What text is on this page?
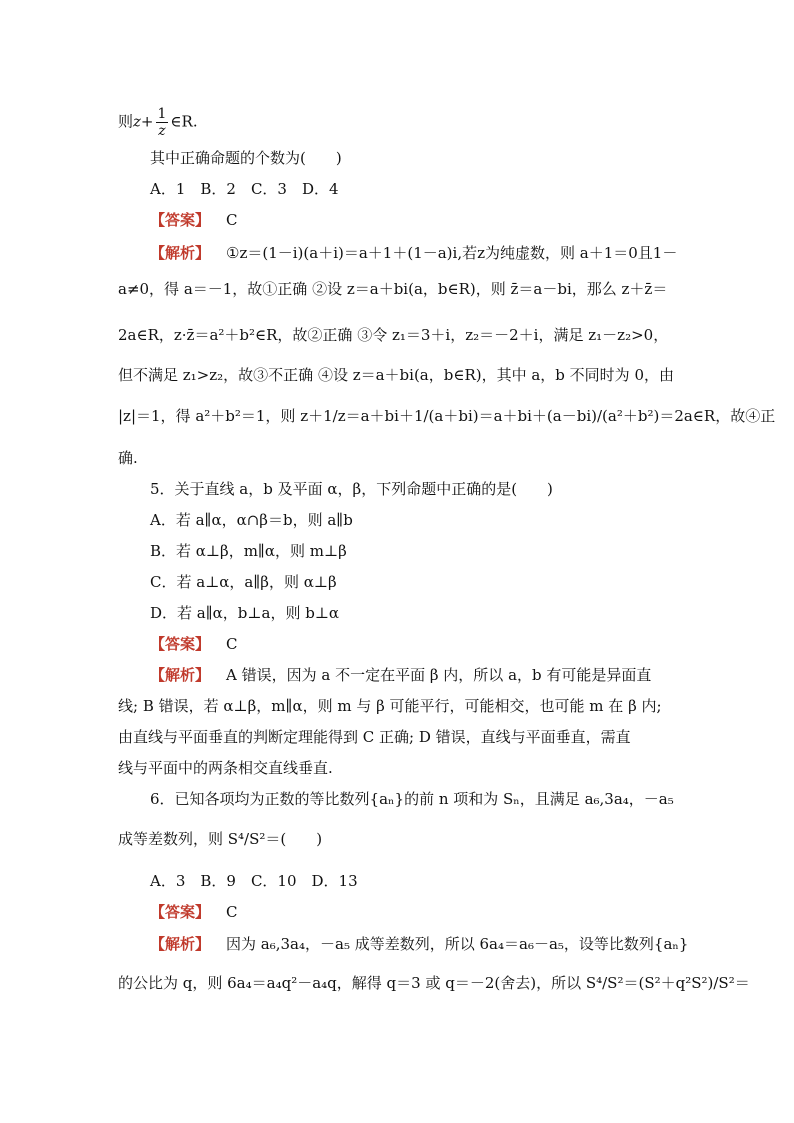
则$z+ \frac{1}{z}$ ∈R.
其中正确命题的个数为(　　)
A．1　B．2　C．3　D．4
【答案】 C
【解析】 ①z＝(1－i)(a＋i)＝a＋1＋(1－a)i,若z为纯虚数，则 a＋1＝0且1－
a≠0，得 a＝－1，故①正确 ②设 z＝a＋bi(a，b∈R)，则 z̄＝a－bi，那么 z＋z̄＝
2a∈R，z·z̄＝a²＋b²∈R，故②正确 ③令 z₁＝3＋i，z₂＝－2＋i，满足 z₁－z₂>0，
但不满足 z₁>z₂，故③不正确 ④设 z＝a＋bi(a，b∈R)，其中 a，b 不同时为 0，由
|z|＝1，得 a²＋b²＝1，则 z＋1/z＝a＋bi＋1/(a＋bi)＝a＋bi＋(a－bi)/(a²＋b²)＝2a∈R，故④正
确.
5．关于直线 a，b 及平面 α，β，下列命题中正确的是(　　)
A．若 a∥α，α∩β＝b，则 a∥b
B．若 α⊥β，m∥α，则 m⊥β
C．若 a⊥α，a∥β，则 α⊥β
D．若 a∥α，b⊥a，则 b⊥α
【答案】 C
【解析】 A 错误，因为 a 不一定在平面 β 内，所以 a，b 有可能是异面直
线; B 错误，若 α⊥β，m∥α，则 m 与 β 可能平行，可能相交，也可能 m 在 β 内;
由直线与平面垂直的判断定理能得到 C 正确; D 错误，直线与平面垂直，需直
线与平面中的两条相交直线垂直.
6．已知各项均为正数的等比数列{aₙ}的前 n 项和为 Sₙ，且满足 a₆,3a₄，－a₅
成等差数列，则 S⁴/S²＝(　　)
A．3　B．9　C．10　D．13
【答案】 C
【解析】 因为 a₆,3a₄，－a₅ 成等差数列，所以 6a₄＝a₆－a₅，设等比数列{aₙ}
的公比为 q，则 6a₄＝a₄q²－a₄q，解得 q＝3 或 q＝－2(舍去)，所以 S⁴/S²＝(S²＋q²S²)/S²＝
